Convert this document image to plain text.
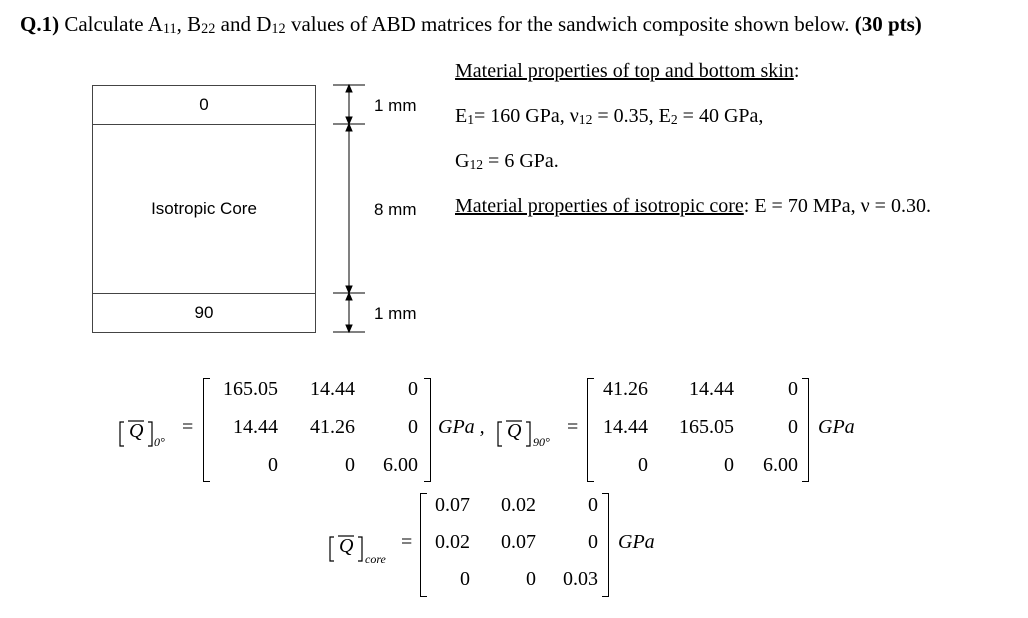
Q.1) Calculate $A_{11}$, $B_{22}$ and $D_{12}$ values of ABD matrices for the sandwich composite shown below. (30 pts)
Material properties of top and bottom skin:
$E_1= 160$ GPa, $\nu_{12} = 0.35$, $E_2 = 40$ GPa,
$G_{12} = 6$ GPa.
Material properties of isotropic core: E = 70 MPa, ν = 0.30.
0
Isotropic Core
90
1 mm
8 mm
1 mm
Q 0°
=
165.05 14.44	0
14.44 41.26	0
0	0 6.00
GPa , Q 90°
=
41.26 14.44	0
14.44 165.05	0
0	0 6.00
GPa
Q
core
=
0.07 0.02	0
0.02 0.07	0
0	0 0.03
GPa
